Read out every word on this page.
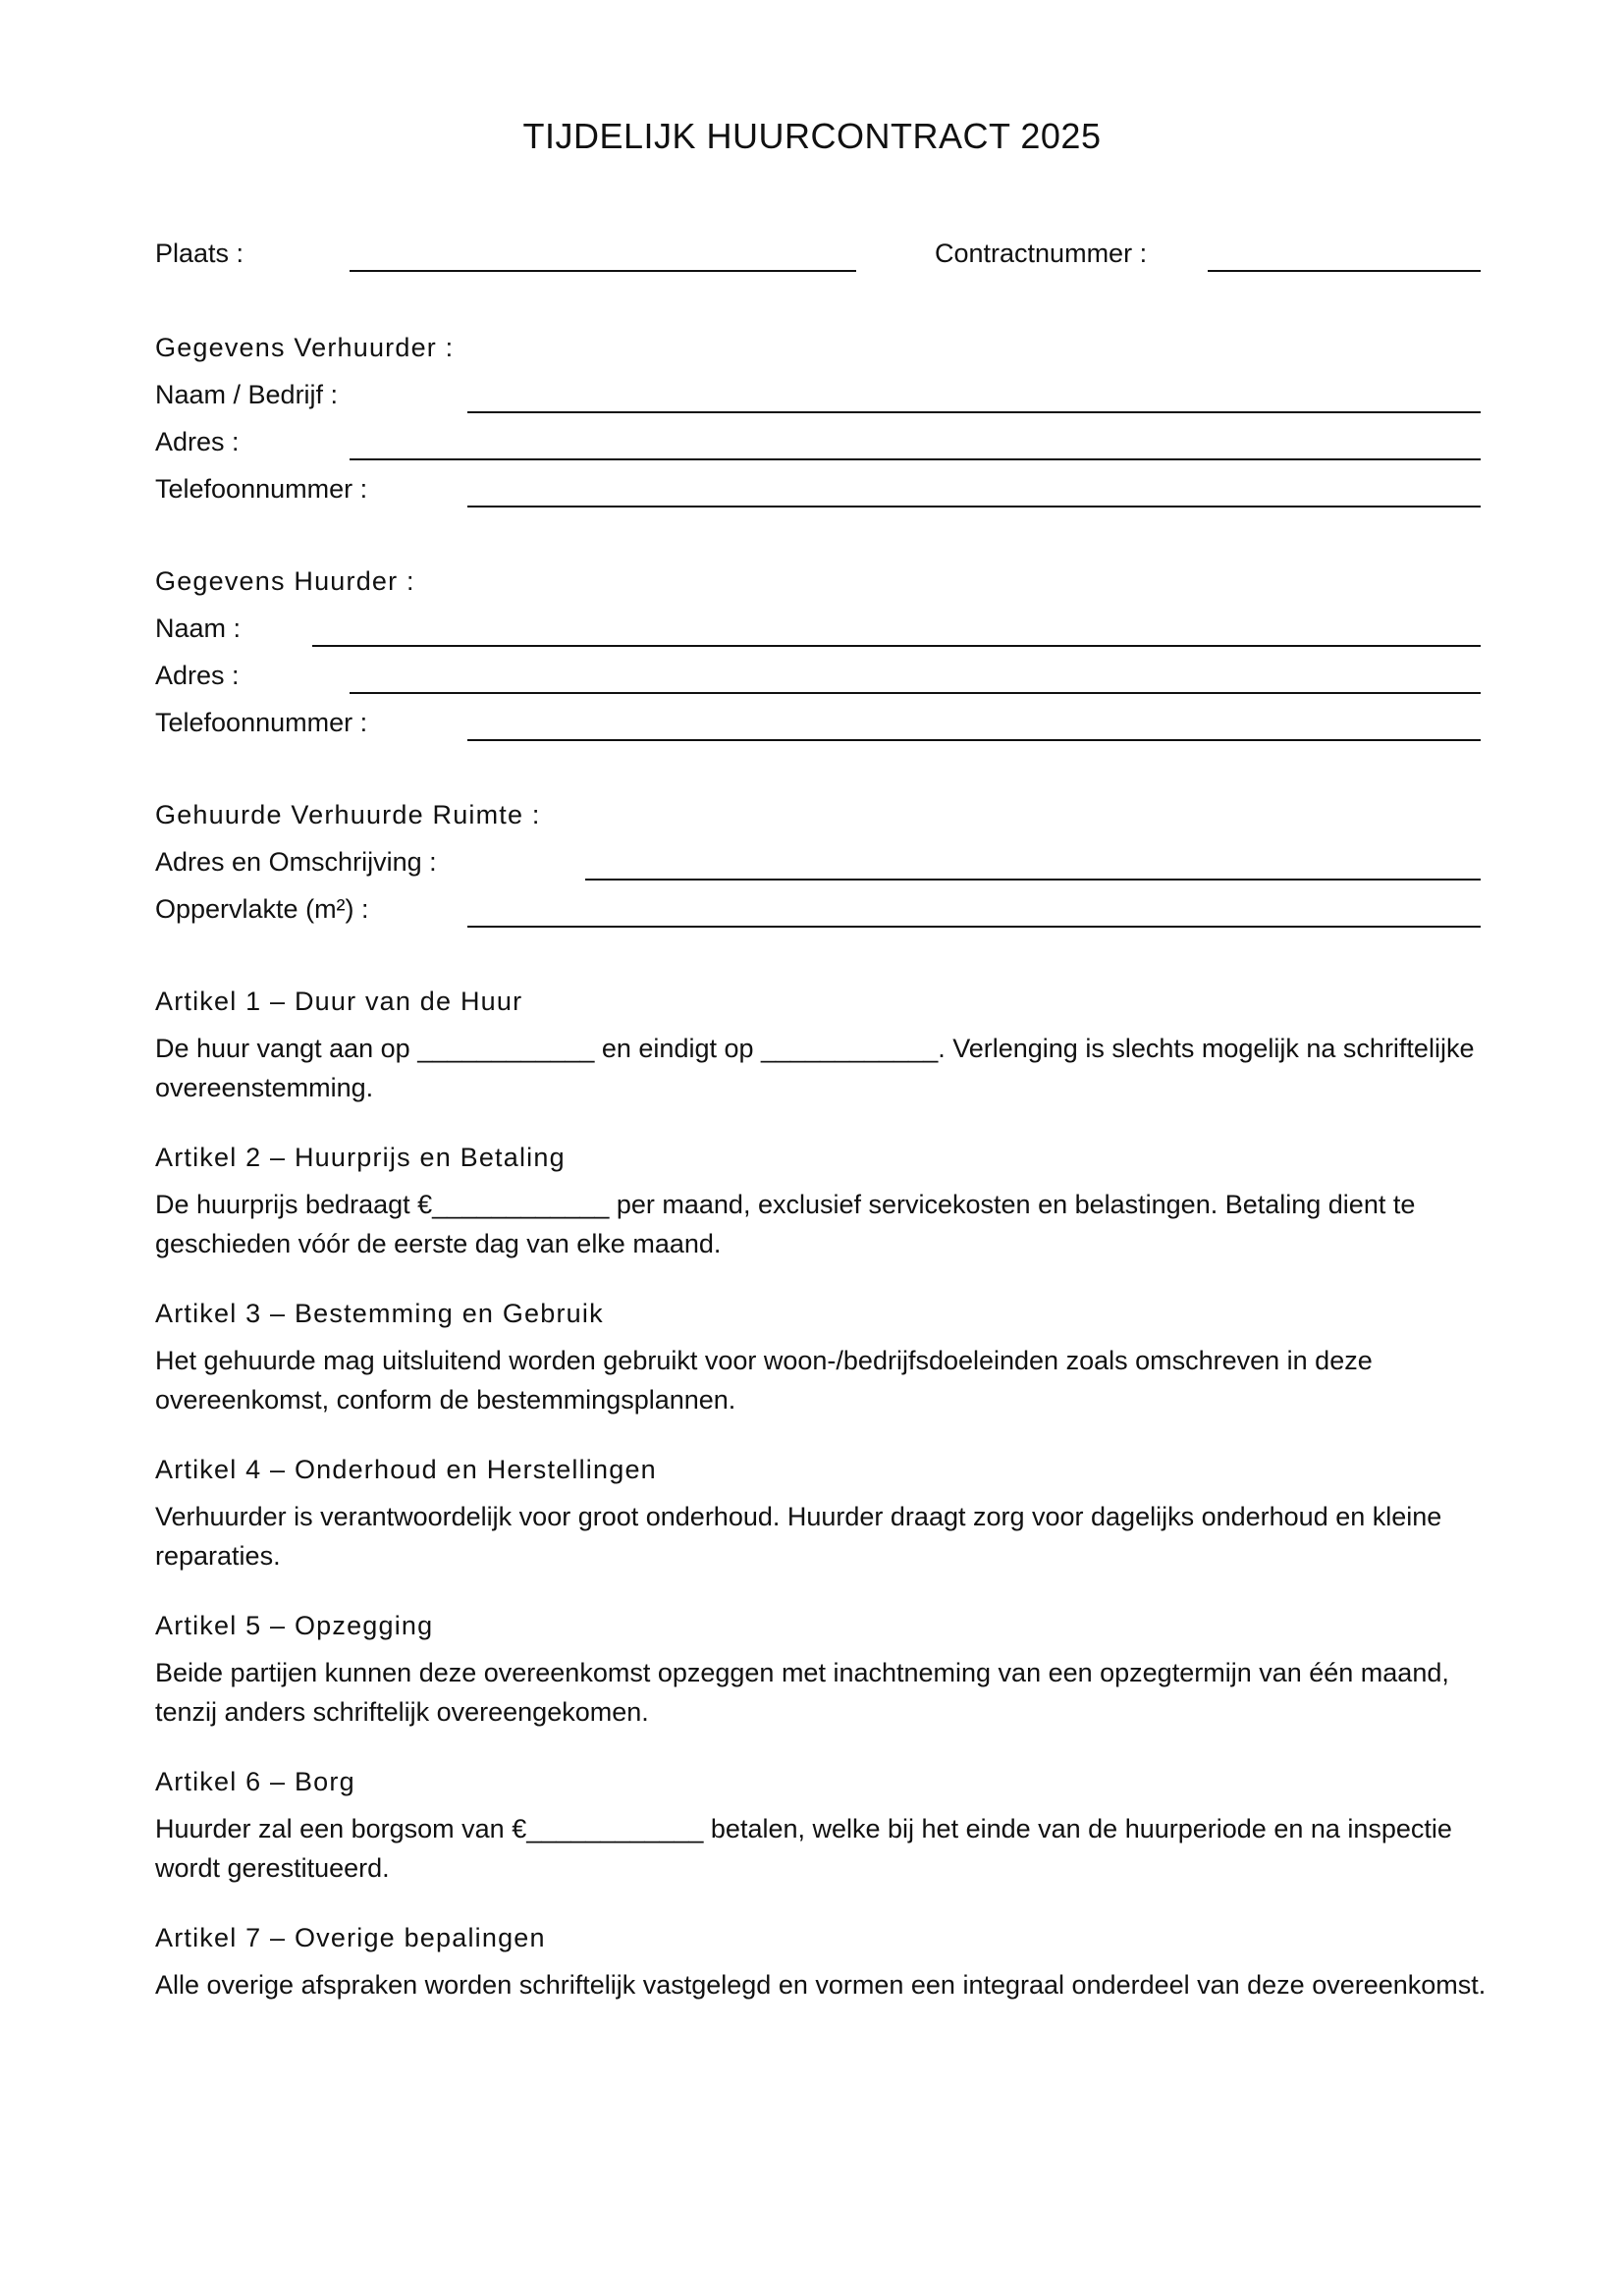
TIJDELIJK HUURCONTRACT 2025
Plaats :	Contractnummer :
Gegevens Verhuurder :
Naam / Bedrijf :
Adres :
Telefoonnummer :
Gegevens Huurder :
Naam :
Adres :
Telefoonnummer :
Gehuurde Verhuurde Ruimte :
Adres en Omschrijving :
Oppervlakte (m²) :
Artikel 1 – Duur van de Huur
De huur vangt aan op ____________ en eindigt op ____________. Verlenging is slechts mogelijk na schriftelijke overeenstemming.
Artikel 2 – Huurprijs en Betaling
De huurprijs bedraagt €____________ per maand, exclusief servicekosten en belastingen. Betaling dient te geschieden vóór de eerste dag van elke maand.
Artikel 3 – Bestemming en Gebruik
Het gehuurde mag uitsluitend worden gebruikt voor woon-/bedrijfsdoeleinden zoals omschreven in deze overeenkomst, conform de bestemmingsplannen.
Artikel 4 – Onderhoud en Herstellingen
Verhuurder is verantwoordelijk voor groot onderhoud. Huurder draagt zorg voor dagelijks onderhoud en kleine reparaties.
Artikel 5 – Opzegging
Beide partijen kunnen deze overeenkomst opzeggen met inachtneming van een opzegtermijn van één maand, tenzij anders schriftelijk overeengekomen.
Artikel 6 – Borg
Huurder zal een borgsom van €____________ betalen, welke bij het einde van de huurperiode en na inspectie wordt gerestitueerd.
Artikel 7 – Overige bepalingen
Alle overige afspraken worden schriftelijk vastgelegd en vormen een integraal onderdeel van deze overeenkomst.
